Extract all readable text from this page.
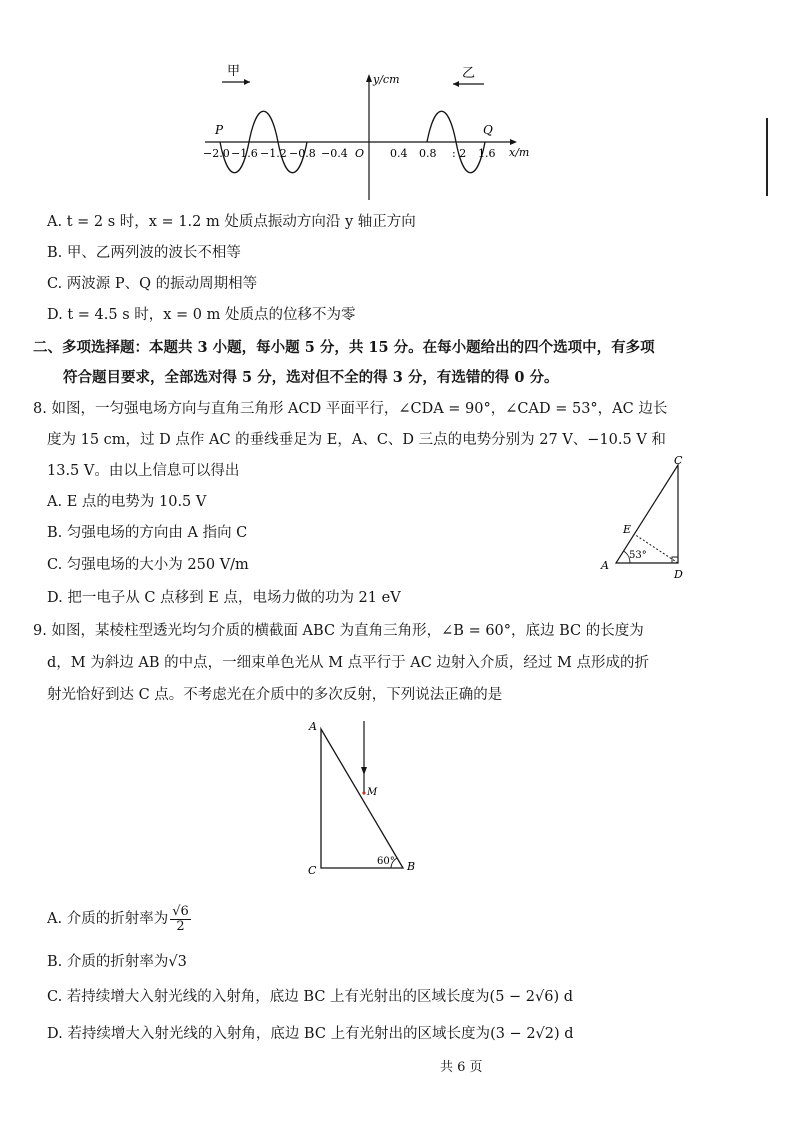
甲	乙
y/cm
x/m
P	Q
−2.0 −1.6 −1.2 −0.8 −0.4 O 0.4 0.8 : 2 1.6
A. t = 2 s 时，x = 1.2 m 处质点振动方向沿 y 轴正方向
B. 甲、乙两列波的波长不相等
C. 两波源 P、Q 的振动周期相等
D. t = 4.5 s 时，x = 0 m 处质点的位移不为零
二、多项选择题：本题共 3 小题，每小题 5 分，共 15 分。在每小题给出的四个选项中，有多项
符合题目要求，全部选对得 5 分，选对但不全的得 3 分，有选错的得 0 分。
8. 如图，一匀强电场方向与直角三角形 ACD 平面平行，∠CDA = 90°，∠CAD = 53°，AC 边长
度为 15 cm，过 D 点作 AC 的垂线垂足为 E，A、C、D 三点的电势分别为 27 V、−10.5 V 和
13.5 V。由以上信息可以得出
A. E 点的电势为 10.5 V
B. 匀强电场的方向由 A 指向 C
C. 匀强电场的大小为 250 V/m
D. 把一电子从 C 点移到 E 点，电场力做的功为 21 eV
53°
C
E
A
D
9. 如图，某棱柱型透光均匀介质的横截面 ABC 为直角三角形，∠B = 60°，底边 BC 的长度为
d，M 为斜边 AB 的中点，一细束单色光从 M 点平行于 AC 边射入介质，经过 M 点形成的折
射光恰好到达 C 点。不考虑光在介质中的多次反射，下列说法正确的是
60°
A
M
C	B
A. 介质的折射率为 $\frac{√6}{2}$
B. 介质的折射率为√3
C. 若持续增大入射光线的入射角，底边 BC 上有光射出的区域长度为(5 − 2√6) d
D. 若持续增大入射光线的入射角，底边 BC 上有光射出的区域长度为(3 − 2√2) d
共 6 页
